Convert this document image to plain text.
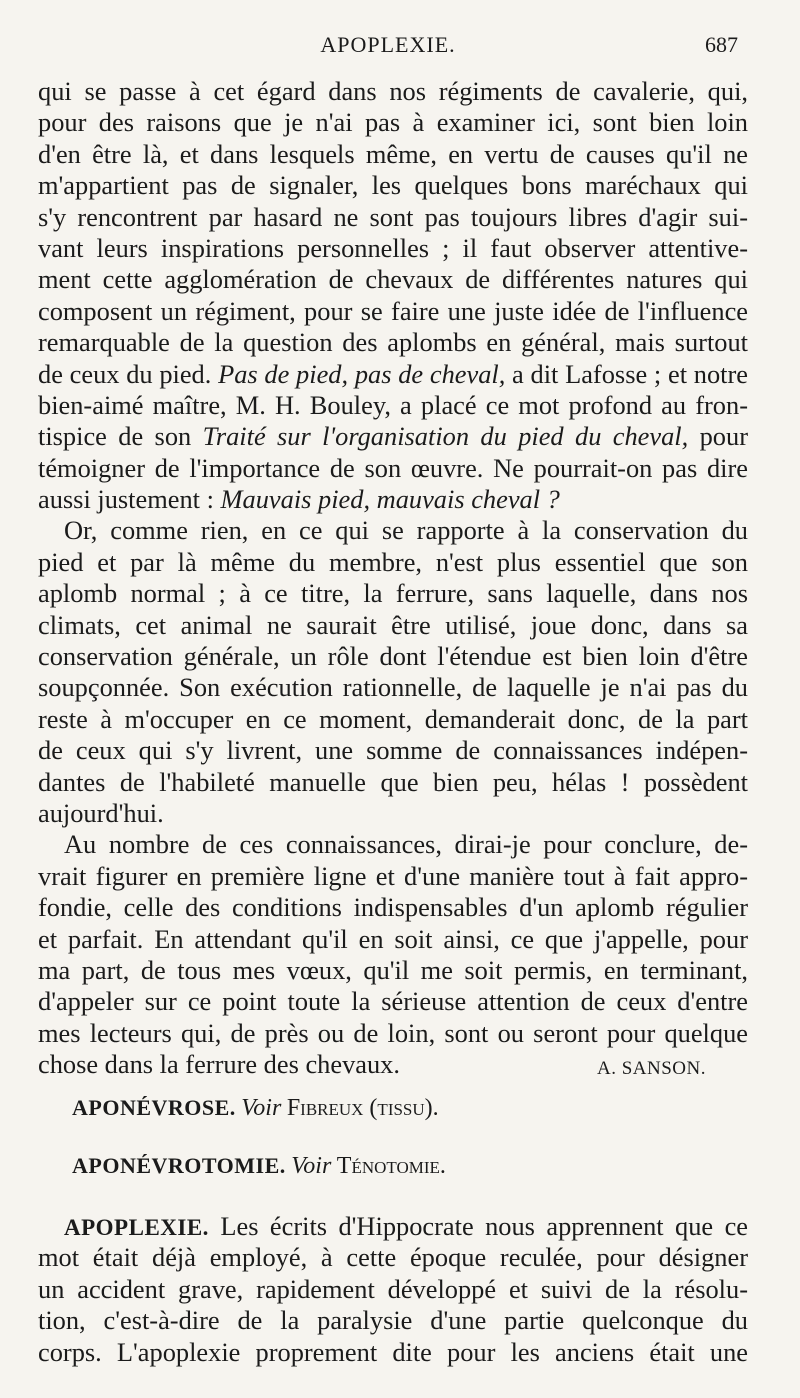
APOPLEXIE.	687
qui se passe à cet égard dans nos régiments de cavalerie, qui,
pour des raisons que je n'ai pas à examiner ici, sont bien loin
d'en être là, et dans lesquels même, en vertu de causes qu'il ne
m'appartient pas de signaler, les quelques bons maréchaux qui
s'y rencontrent par hasard ne sont pas toujours libres d'agir sui-
vant leurs inspirations personnelles ; il faut observer attentive-
ment cette agglomération de chevaux de différentes natures qui
composent un régiment, pour se faire une juste idée de l'influence
remarquable de la question des aplombs en général, mais surtout
de ceux du pied. Pas de pied, pas de cheval, a dit Lafosse ; et notre
bien-aimé maître, M. H. Bouley, a placé ce mot profond au fron-
tispice de son Traité sur l'organisation du pied du cheval, pour
témoigner de l'importance de son œuvre. Ne pourrait-on pas dire
aussi justement : Mauvais pied, mauvais cheval ?
Or, comme rien, en ce qui se rapporte à la conservation du
pied et par là même du membre, n'est plus essentiel que son
aplomb normal ; à ce titre, la ferrure, sans laquelle, dans nos
climats, cet animal ne saurait être utilisé, joue donc, dans sa
conservation générale, un rôle dont l'étendue est bien loin d'être
soupçonnée. Son exécution rationnelle, de laquelle je n'ai pas du
reste à m'occuper en ce moment, demanderait donc, de la part
de ceux qui s'y livrent, une somme de connaissances indépen-
dantes de l'habileté manuelle que bien peu, hélas ! possèdent
aujourd'hui.
Au nombre de ces connaissances, dirai-je pour conclure, de-
vrait figurer en première ligne et d'une manière tout à fait appro-
fondie, celle des conditions indispensables d'un aplomb régulier
et parfait. En attendant qu'il en soit ainsi, ce que j'appelle, pour
ma part, de tous mes vœux, qu'il me soit permis, en terminant,
d'appeler sur ce point toute la sérieuse attention de ceux d'entre
mes lecteurs qui, de près ou de loin, sont ou seront pour quelque
chose dans la ferrure des chevaux.	A. SANSON.
APONÉVROSE. Voir Fibreux (tissu).
APONÉVROTOMIE. Voir Ténotomie.
APOPLEXIE. Les écrits d'Hippocrate nous apprennent que ce
mot était déjà employé, à cette époque reculée, pour désigner
un accident grave, rapidement développé et suivi de la résolu-
tion, c'est-à-dire de la paralysie d'une partie quelconque du
corps. L'apoplexie proprement dite pour les anciens était une
